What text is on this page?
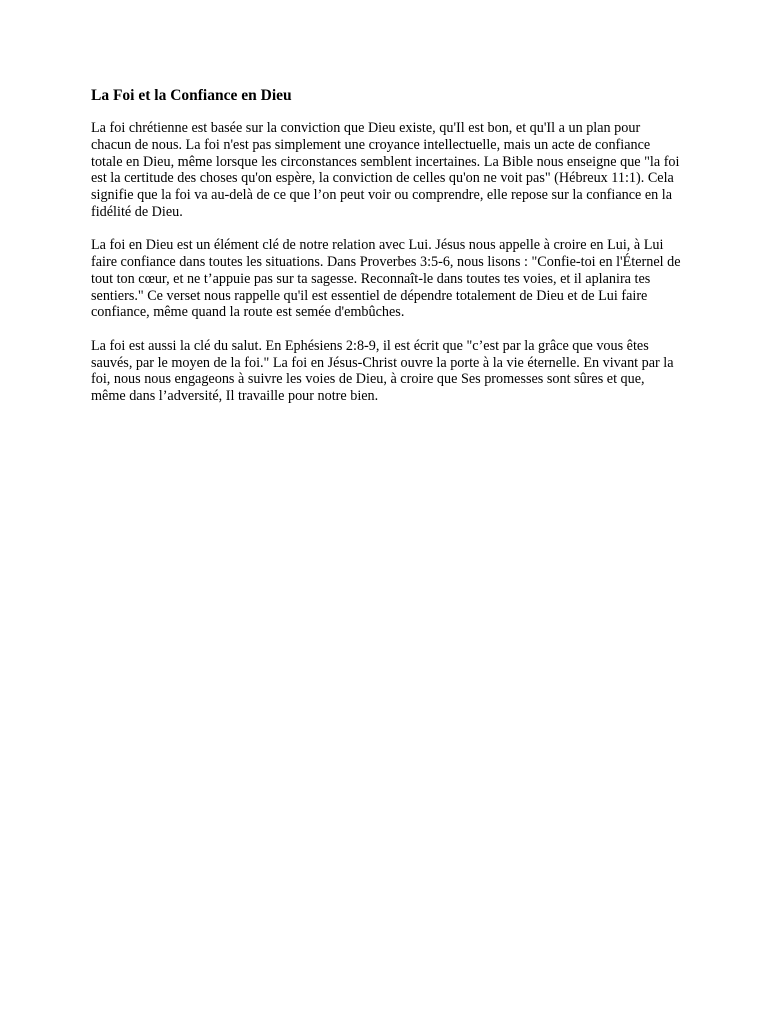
La Foi et la Confiance en Dieu

La foi chrétienne est basée sur la conviction que Dieu existe, qu'Il est bon, et qu'Il a un plan pour chacun de nous. La foi n'est pas simplement une croyance intellectuelle, mais un acte de confiance totale en Dieu, même lorsque les circonstances semblent incertaines. La Bible nous enseigne que "la foi est la certitude des choses qu'on espère, la conviction de celles qu'on ne voit pas" (Hébreux 11:1). Cela signifie que la foi va au-delà de ce que l’on peut voir ou comprendre, elle repose sur la confiance en la fidélité de Dieu.

La foi en Dieu est un élément clé de notre relation avec Lui. Jésus nous appelle à croire en Lui, à Lui faire confiance dans toutes les situations. Dans Proverbes 3:5-6, nous lisons : "Confie-toi en l'Éternel de tout ton cœur, et ne t’appuie pas sur ta sagesse. Reconnaît-le dans toutes tes voies, et il aplanira tes sentiers." Ce verset nous rappelle qu'il est essentiel de dépendre totalement de Dieu et de Lui faire confiance, même quand la route est semée d'embûches.

La foi est aussi la clé du salut. En Ephésiens 2:8-9, il est écrit que "c’est par la grâce que vous êtes sauvés, par le moyen de la foi." La foi en Jésus-Christ ouvre la porte à la vie éternelle. En vivant par la foi, nous nous engageons à suivre les voies de Dieu, à croire que Ses promesses sont sûres et que, même dans l’adversité, Il travaille pour notre bien.
